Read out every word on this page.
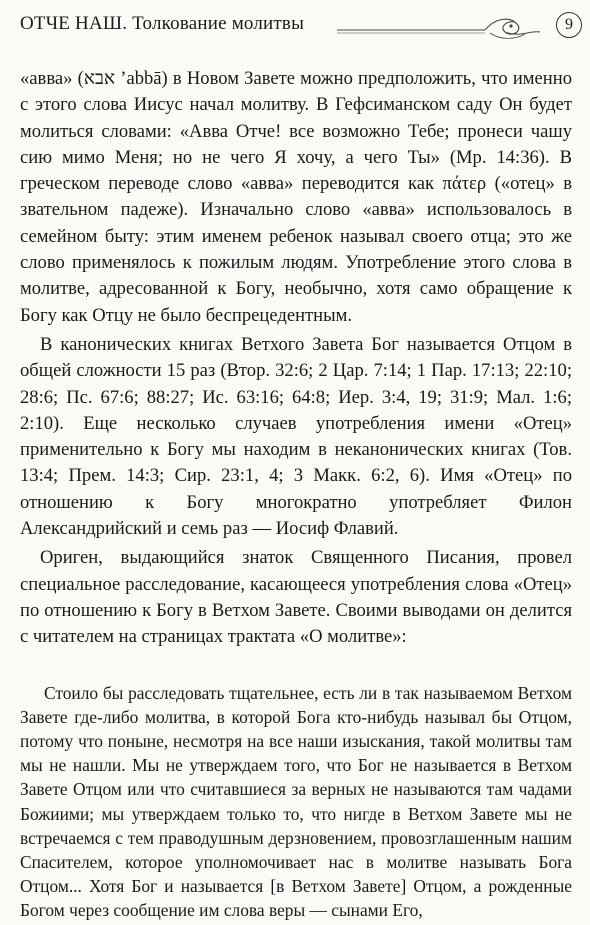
ОТЧЕ НАШ. Толкование молитвы	9

«авва» (אבא ’abbā) в Новом Завете можно предположить, что именно с этого слова Иисус начал молитву. В Гефсиманском саду Он будет молиться словами: «Авва Отче! все возможно Тебе; пронеси чашу сию мимо Меня; но не чего Я хочу, а чего Ты» (Мр. 14:36). В греческом переводе слово «авва» переводится как πάτερ («отец» в звательном падеже). Изначально слово «авва» использовалось в семейном быту: этим именем ребенок называл своего отца; это же слово применялось к пожилым людям. Употребление этого слова в молитве, адресованной к Богу, необычно, хотя само обращение к Богу как Отцу не было беспрецедентным.

В канонических книгах Ветхого Завета Бог называется Отцом в общей сложности 15 раз (Втор. 32:6; 2 Цар. 7:14; 1 Пар. 17:13; 22:10; 28:6; Пс. 67:6; 88:27; Ис. 63:16; 64:8; Иер. 3:4, 19; 31:9; Мал. 1:6; 2:10). Еще несколько случаев употребления имени «Отец» применительно к Богу мы находим в неканонических книгах (Тов. 13:4; Прем. 14:3; Сир. 23:1, 4; 3 Макк. 6:2, 6). Имя «Отец» по отношению к Богу многократно употребляет Филон Александрийский и семь раз — Иосиф Флавий.

Ориген, выдающийся знаток Священного Писания, провел специальное расследование, касающееся употребления слова «Отец» по отношению к Богу в Ветхом Завете. Своими выводами он делится с читателем на страницах трактата «О молитве»:

Стоило бы расследовать тщательнее, есть ли в так называемом Ветхом Завете где-либо молитва, в которой Бога кто-нибудь называл бы Отцом, потому что поныне, несмотря на все наши изыскания, такой молитвы там мы не нашли. Мы не утверждаем того, что Бог не называется в Ветхом Завете Отцом или что считавшиеся за верных не называются там чадами Божиими; мы утверждаем только то, что нигде в Ветхом Завете мы не встречаемся с тем праводушным дерзновением, провозглашенным нашим Спасителем, которое уполномочивает нас в молитве называть Бога Отцом... Хотя Бог и называется [в Ветхом Завете] Отцом, а рожденные Богом через сообщение им слова веры — сынами Его,
